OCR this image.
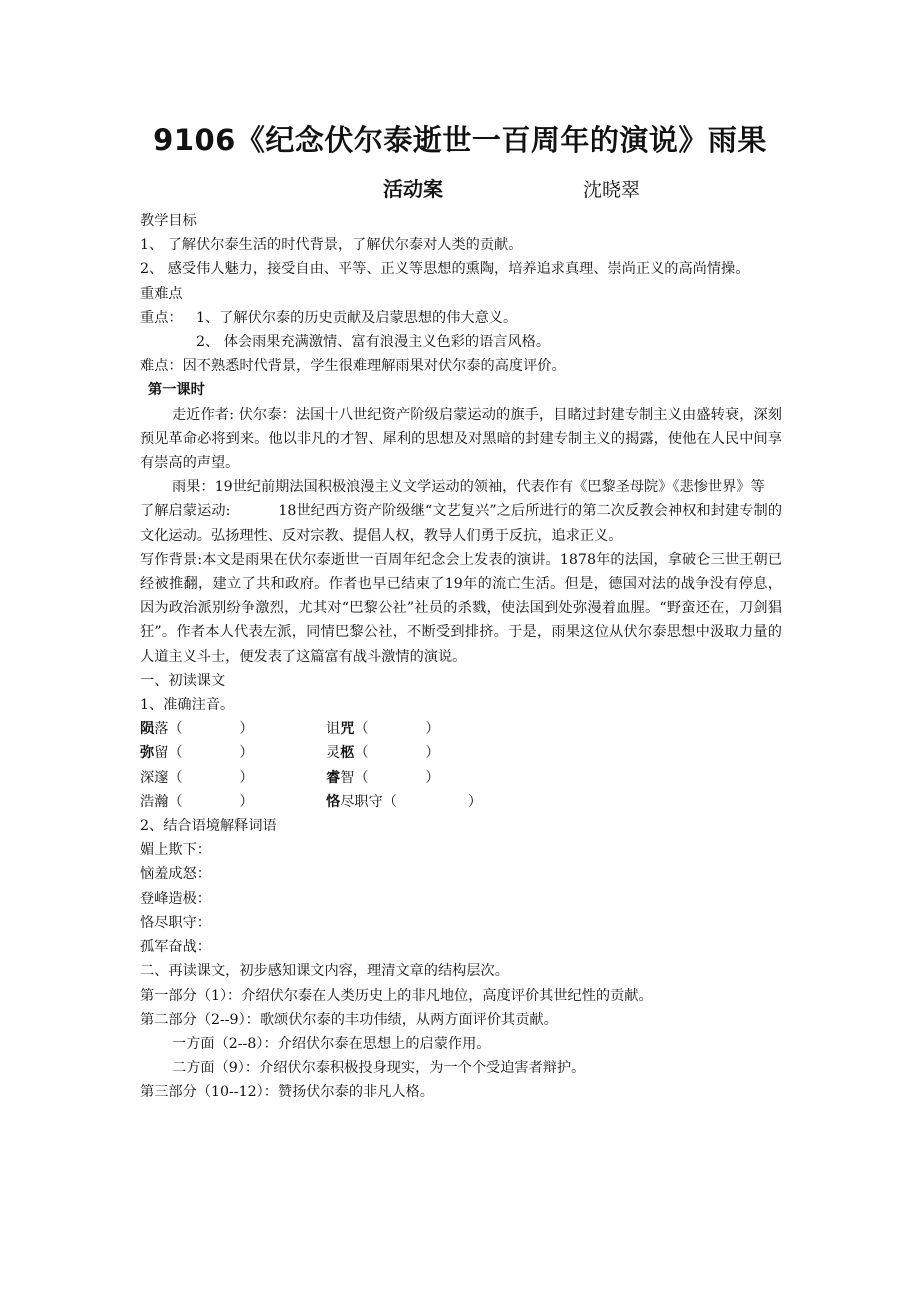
9106《纪念伏尔泰逝世一百周年的演说》雨果
活动案	沈晓翠

教学目标

1、 了解伏尔泰生活的时代背景，了解伏尔泰对人类的贡献。

2、 感受伟人魅力，接受自由、平等、正义等思想的熏陶，培养追求真理、崇尚正义的高尚情操。

重难点

重点： 1、了解伏尔泰的历史贡献及启蒙思想的伟大意义。

2、 体会雨果充满激情、富有浪漫主义色彩的语言风格。

难点：因不熟悉时代背景，学生很难理解雨果对伏尔泰的高度评价。

第一课时

走近作者: 伏尔泰：法国十八世纪资产阶级启蒙运动的旗手，目睹过封建专制主义由盛转衰，深刻预见革命必将到来。他以非凡的才智、犀利的思想及对黑暗的封建专制主义的揭露，使他在人民中间享有崇高的声望。

雨果：19世纪前期法国积极浪漫主义文学运动的领袖，代表作有《巴黎圣母院》《悲惨世界》等

了解启蒙运动:	18世纪西方资产阶级继“文艺复兴”之后所进行的第二次反教会神权和封建专制的文化运动。弘扬理性、反对宗教、提倡人权，教导人们勇于反抗，追求正义。

写作背景:本文是雨果在伏尔泰逝世一百周年纪念会上发表的演讲。1878年的法国，拿破仑三世王朝已经被推翻，建立了共和政府。作者也早已结束了19年的流亡生活。但是，德国对法的战争没有停息，因为政治派别纷争激烈，尤其对“巴黎公社”社员的杀戮，使法国到处弥漫着血腥。“野蛮还在，刀剑猖狂”。作者本人代表左派，同情巴黎公社，不断受到排挤。于是，雨果这位从伏尔泰思想中汲取力量的人道主义斗士，便发表了这篇富有战斗激情的演说。

一、初读课文

1、准确注音。

陨落（　　　　）	诅咒（　　　　）
弥留（　　　　）	灵柩（　　　　）
深邃（　　　　）	睿智（　　　　）
浩瀚（　　　　）	恪尽职守（　　　　　）

2、结合语境解释词语

媚上欺下：

恼羞成怒：

登峰造极：

恪尽职守：

孤军奋战：

二、再读课文，初步感知课文内容，理清文章的结构层次。

第一部分（1）：介绍伏尔泰在人类历史上的非凡地位，高度评价其世纪性的贡献。

第二部分（2--9）：歌颂伏尔泰的丰功伟绩，从两方面评价其贡献。

一方面（2--8）：介绍伏尔泰在思想上的启蒙作用。

二方面（9）：介绍伏尔泰积极投身现实，为一个个受迫害者辩护。

第三部分（10--12）：赞扬伏尔泰的非凡人格。
